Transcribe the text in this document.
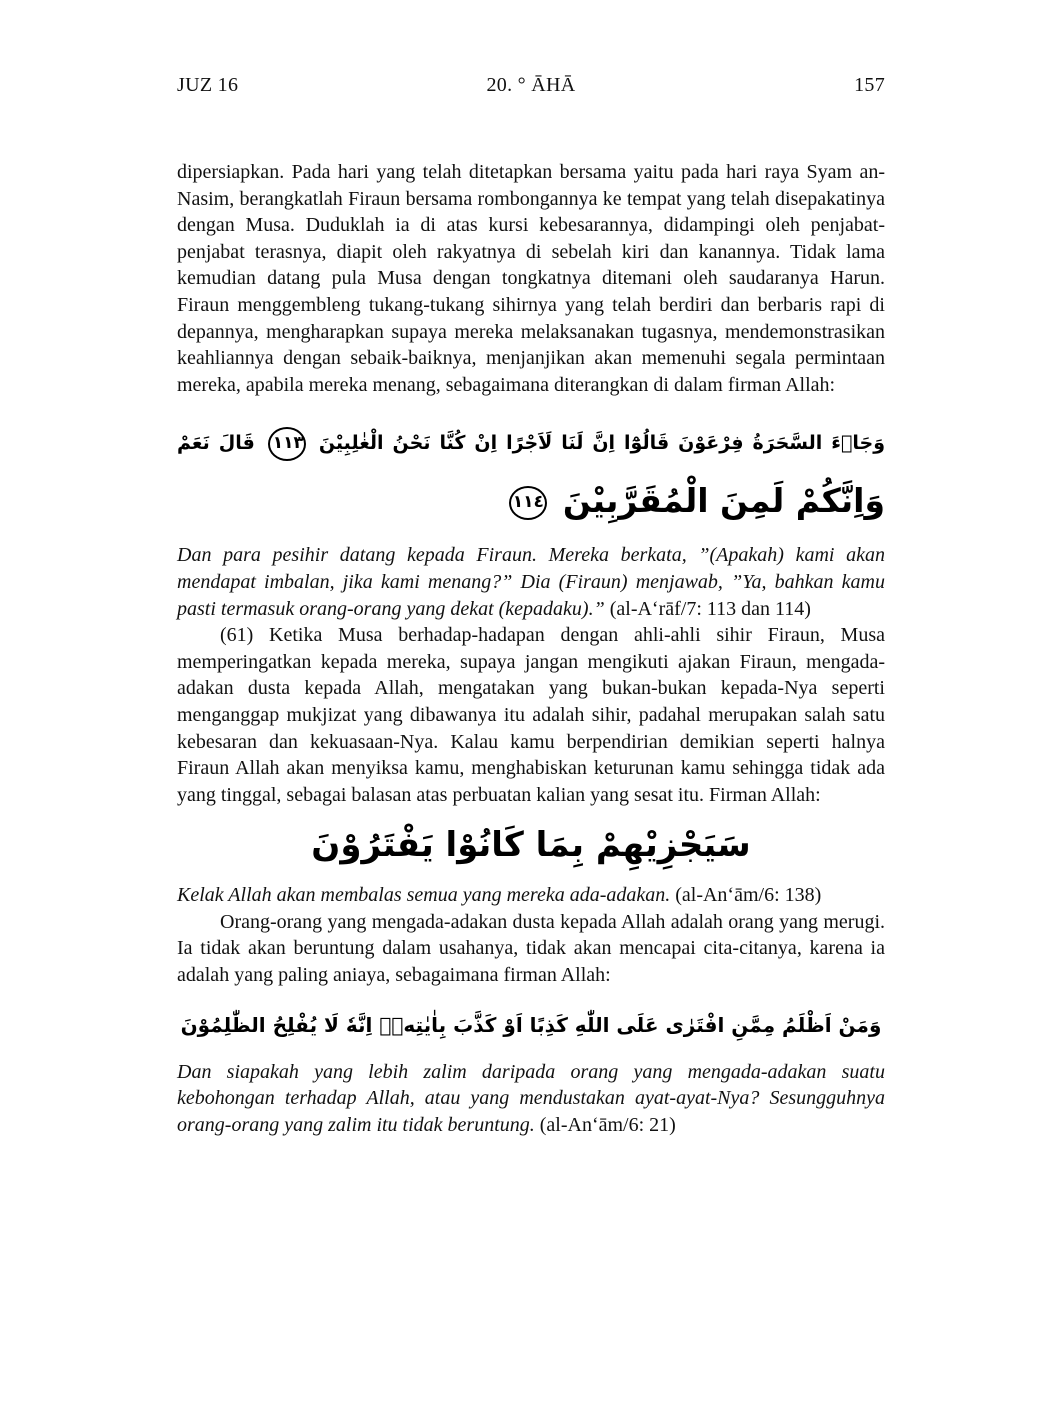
JUZ 16	20. ° ĀHĀ	157

dipersiapkan. Pada hari yang telah ditetapkan bersama yaitu pada hari raya Syam an-Nasim, berangkatlah Firaun bersama rombongannya ke tempat yang telah disepakatinya dengan Musa. Duduklah ia di atas kursi kebesarannya, didampingi oleh penjabat-penjabat terasnya, diapit oleh rakyatnya di sebelah kiri dan kanannya. Tidak lama kemudian datang pula Musa dengan tongkatnya ditemani oleh saudaranya Harun. Firaun menggembleng tukang-tukang sihirnya yang telah berdiri dan berbaris rapi di depannya, mengharapkan supaya mereka melaksanakan tugasnya, mendemonstrasikan keahliannya dengan sebaik-baiknya, menjanjikan akan memenuhi segala permintaan mereka, apabila mereka menang, sebagaimana diterangkan di dalam firman Allah:

وَجَاۤءَ السَّحَرَةُ فِرْعَوْنَ قَالُوْٓا اِنَّ لَنَا لَاَجْرًا اِنْ كُنَّا نَحْنُ الْغٰلِبِيْنَ ١١٣ قَالَ نَعَمْ
وَاِنَّكُمْ لَمِنَ الْمُقَرَّبِيْنَ ١١٤

Dan para pesihir datang kepada Firaun. Mereka berkata, ”(Apakah) kami akan mendapat imbalan, jika kami menang?” Dia (Firaun) menjawab, ”Ya, bahkan kamu pasti termasuk orang-orang yang dekat (kepadaku).” (al-A‘rāf/7: 113 dan 114)

(61) Ketika Musa berhadap-hadapan dengan ahli-ahli sihir Firaun, Musa memperingatkan kepada mereka, supaya jangan mengikuti ajakan Firaun, mengada-adakan dusta kepada Allah, mengatakan yang bukan-bukan kepada-Nya seperti menganggap mukjizat yang dibawanya itu adalah sihir, padahal merupakan salah satu kebesaran dan kekuasaan-Nya. Kalau kamu berpendirian demikian seperti halnya Firaun Allah akan menyiksa kamu, menghabiskan keturunan kamu sehingga tidak ada yang tinggal, sebagai balasan atas perbuatan kalian yang sesat itu. Firman Allah:

سَيَجْزِيْهِمْ بِمَا كَانُوْا يَفْتَرُوْنَ

Kelak Allah akan membalas semua yang mereka ada-adakan. (al-An‘ām/6: 138)

Orang-orang yang mengada-adakan dusta kepada Allah adalah orang yang merugi. Ia tidak akan beruntung dalam usahanya, tidak akan mencapai cita-citanya, karena ia adalah yang paling aniaya, sebagaimana firman Allah:

وَمَنْ اَظْلَمُ مِمَّنِ افْتَرٰى عَلَى اللّٰهِ كَذِبًا اَوْ كَذَّبَ بِاٰيٰتِهٖۗ اِنَّهٗ لَا يُفْلِحُ الظّٰلِمُوْنَ

Dan siapakah yang lebih zalim daripada orang yang mengada-adakan suatu kebohongan terhadap Allah, atau yang mendustakan ayat-ayat-Nya? Sesungguhnya orang-orang yang zalim itu tidak beruntung. (al-An‘ām/6: 21)
